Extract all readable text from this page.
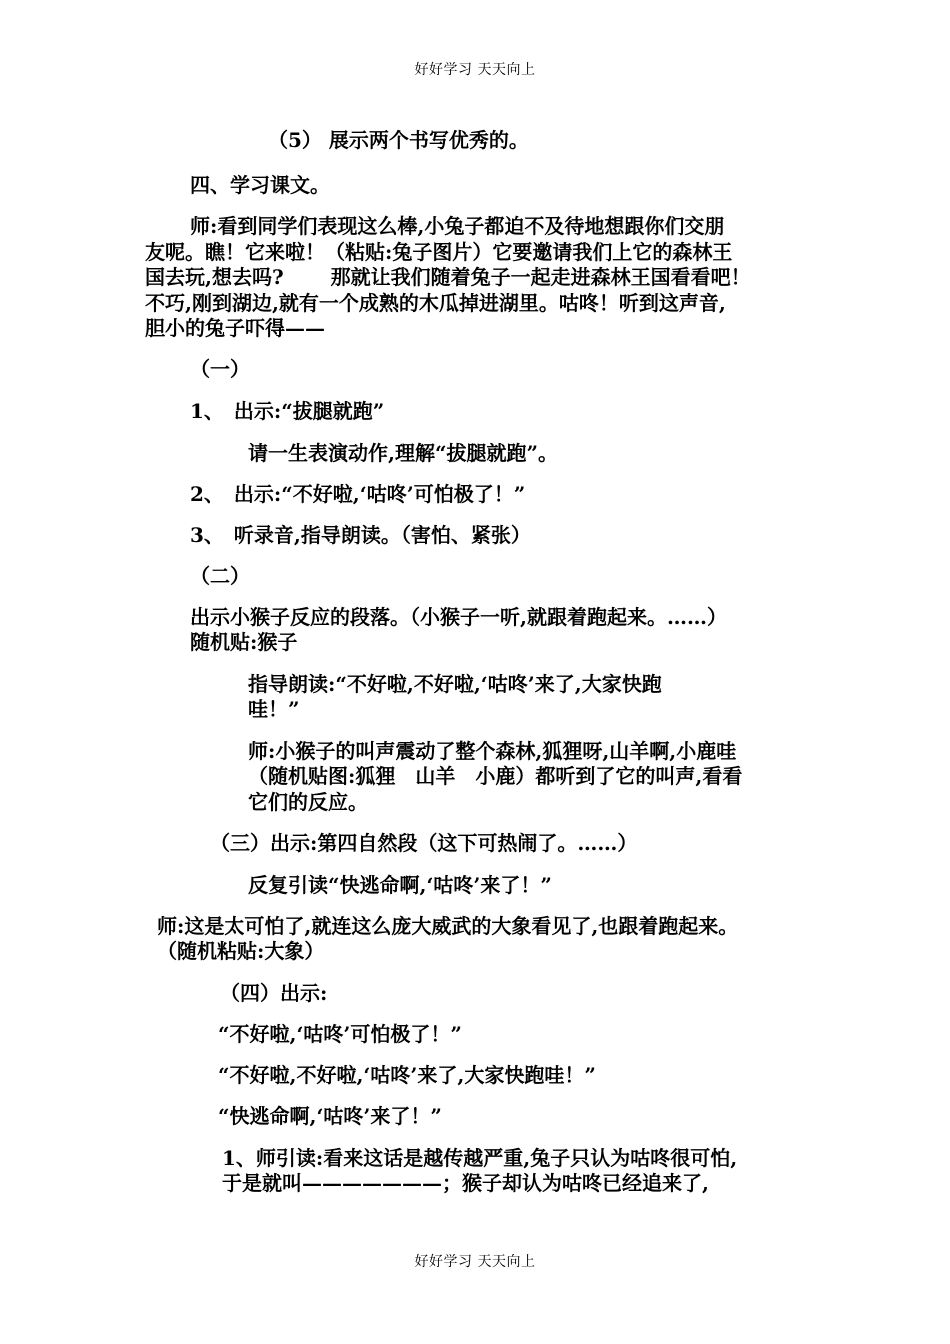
好好学习 天天向上
（5） 展示两个书写优秀的。
四、学习课文。
师:看到同学们表现这么棒,小兔子都迫不及待地想跟你们交朋
友呢。瞧！它来啦！（粘贴:兔子图片）它要邀请我们上它的森林王
国去玩,想去吗?　　 那就让我们随着兔子一起走进森林王国看看吧！
不巧,刚到湖边,就有一个成熟的木瓜掉进湖里。咕咚！听到这声音,
胆小的兔子吓得——
（一）
1、　出示:“拔腿就跑”
请一生表演动作,理解“拔腿就跑”。
2、　出示:“不好啦,‘咕咚’可怕极了！”
3、　听录音,指导朗读。（害怕、紧张）
（二）
出示小猴子反应的段落。（小猴子一听,就跟着跑起来。……）
随机贴:猴子
指导朗读:“不好啦,不好啦,‘咕咚’来了,大家快跑
哇！”
师:小猴子的叫声震动了整个森林,狐狸呀,山羊啊,小鹿哇
（随机贴图:狐狸　山羊　小鹿）都听到了它的叫声,看看
它们的反应。
（三）出示:第四自然段（这下可热闹了。……）
反复引读“快逃命啊,‘咕咚’来了！”
师:这是太可怕了,就连这么庞大威武的大象看见了,也跟着跑起来。
（随机粘贴:大象）
（四）出示:
“不好啦,‘咕咚’可怕极了！”
“不好啦,不好啦,‘咕咚’来了,大家快跑哇！”
“快逃命啊,‘咕咚’来了！”
1、师引读:看来这话是越传越严重,兔子只认为咕咚很可怕,
于是就叫———————；猴子却认为咕咚已经追来了,
好好学习 天天向上
